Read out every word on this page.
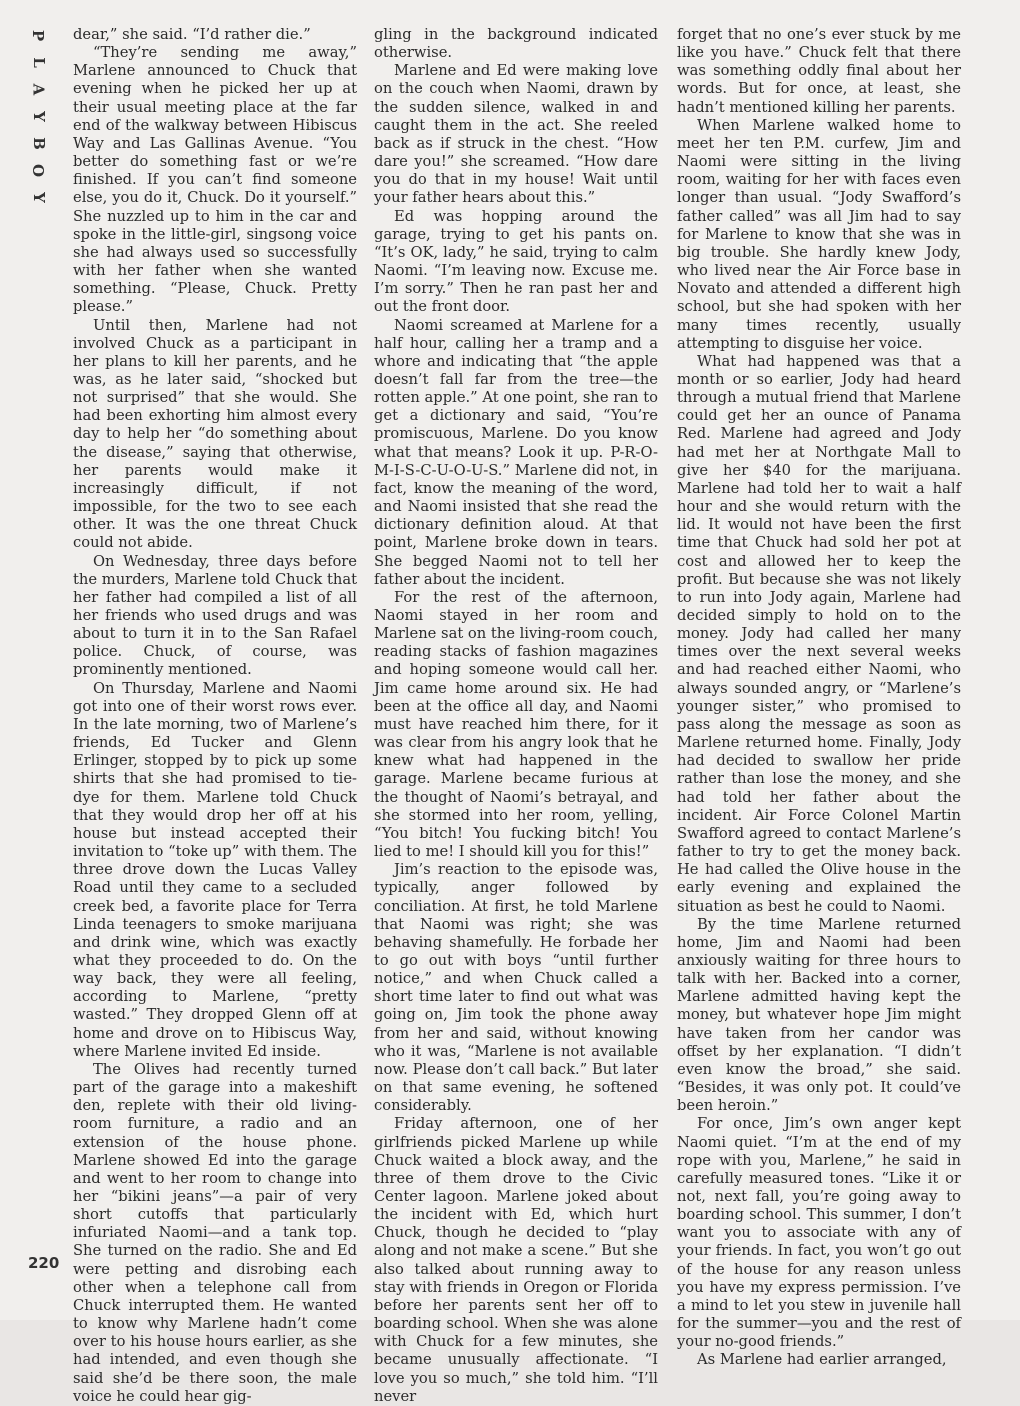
P
L
A
Y
B
O
Y
220

dear,” she said. “I’d rather die.”

“They’re sending me away,” Marlene announced to Chuck that evening when he picked her up at their usual meeting place at the far end of the walkway between Hibiscus Way and Las Gallinas Avenue. “You better do something fast or we’re finished. If you can’t find someone else, you do it, Chuck. Do it yourself.” She nuzzled up to him in the car and spoke in the little-girl, singsong voice she had always used so successfully with her father when she wanted something. “Please, Chuck. Pretty please.”

Until then, Marlene had not involved Chuck as a participant in her plans to kill her parents, and he was, as he later said, “shocked but not surprised” that she would. She had been exhorting him almost every day to help her “do something about the disease,” saying that otherwise, her parents would make it increasingly difficult, if not impossible, for the two to see each other. It was the one threat Chuck could not abide.

On Wednesday, three days before the murders, Marlene told Chuck that her father had compiled a list of all her friends who used drugs and was about to turn it in to the San Rafael police. Chuck, of course, was prominently mentioned.

On Thursday, Marlene and Naomi got into one of their worst rows ever. In the late morning, two of Marlene’s friends, Ed Tucker and Glenn Erlinger, stopped by to pick up some shirts that she had promised to tie-dye for them. Marlene told Chuck that they would drop her off at his house but instead accepted their invitation to “toke up” with them. The three drove down the Lucas Valley Road until they came to a secluded creek bed, a favorite place for Terra Linda teenagers to smoke marijuana and drink wine, which was exactly what they proceeded to do. On the way back, they were all feeling, according to Marlene, “pretty wasted.” They dropped Glenn off at home and drove on to Hibiscus Way, where Marlene invited Ed inside.

The Olives had recently turned part of the garage into a makeshift den, replete with their old living-room furniture, a radio and an extension of the house phone. Marlene showed Ed into the garage and went to her room to change into her “bikini jeans”—a pair of very short cutoffs that particularly infuriated Naomi—and a tank top. She turned on the radio. She and Ed were petting and disrobing each other when a telephone call from Chuck interrupted them. He wanted to know why Marlene hadn’t come over to his house hours earlier, as she had intended, and even though she said she’d be there soon, the male voice he could hear gig-

gling in the background indicated otherwise.

Marlene and Ed were making love on the couch when Naomi, drawn by the sudden silence, walked in and caught them in the act. She reeled back as if struck in the chest. “How dare you!” she screamed. “How dare you do that in my house! Wait until your father hears about this.”

Ed was hopping around the garage, trying to get his pants on. “It’s OK, lady,” he said, trying to calm Naomi. “I’m leaving now. Excuse me. I’m sorry.” Then he ran past her and out the front door.

Naomi screamed at Marlene for a half hour, calling her a tramp and a whore and indicating that “the apple doesn’t fall far from the tree—the rotten apple.” At one point, she ran to get a dictionary and said, “You’re promiscuous, Marlene. Do you know what that means? Look it up. P-R-O-M-I-S-C-U-O-U-S.” Marlene did not, in fact, know the meaning of the word, and Naomi insisted that she read the dictionary definition aloud. At that point, Marlene broke down in tears. She begged Naomi not to tell her father about the incident.

For the rest of the afternoon, Naomi stayed in her room and Marlene sat on the living-room couch, reading stacks of fashion magazines and hoping someone would call her. Jim came home around six. He had been at the office all day, and Naomi must have reached him there, for it was clear from his angry look that he knew what had happened in the garage. Marlene became furious at the thought of Naomi’s betrayal, and she stormed into her room, yelling, “You bitch! You fucking bitch! You lied to me! I should kill you for this!”

Jim’s reaction to the episode was, typically, anger followed by conciliation. At first, he told Marlene that Naomi was right; she was behaving shamefully. He forbade her to go out with boys “until further notice,” and when Chuck called a short time later to find out what was going on, Jim took the phone away from her and said, without knowing who it was, “Marlene is not available now. Please don’t call back.” But later on that same evening, he softened considerably.

Friday afternoon, one of her girlfriends picked Marlene up while Chuck waited a block away, and the three of them drove to the Civic Center lagoon. Marlene joked about the incident with Ed, which hurt Chuck, though he decided to “play along and not make a scene.” But she also talked about running away to stay with friends in Oregon or Florida before her parents sent her off to boarding school. When she was alone with Chuck for a few minutes, she became unusually affectionate. “I love you so much,” she told him. “I’ll never

forget that no one’s ever stuck by me like you have.” Chuck felt that there was something oddly final about her words. But for once, at least, she hadn’t mentioned killing her parents.

When Marlene walked home to meet her ten P.M. curfew, Jim and Naomi were sitting in the living room, waiting for her with faces even longer than usual. “Jody Swafford’s father called” was all Jim had to say for Marlene to know that she was in big trouble. She hardly knew Jody, who lived near the Air Force base in Novato and attended a different high school, but she had spoken with her many times recently, usually attempting to disguise her voice.

What had happened was that a month or so earlier, Jody had heard through a mutual friend that Marlene could get her an ounce of Panama Red. Marlene had agreed and Jody had met her at Northgate Mall to give her $40 for the marijuana. Marlene had told her to wait a half hour and she would return with the lid. It would not have been the first time that Chuck had sold her pot at cost and allowed her to keep the profit. But because she was not likely to run into Jody again, Marlene had decided simply to hold on to the money. Jody had called her many times over the next several weeks and had reached either Naomi, who always sounded angry, or “Marlene’s younger sister,” who promised to pass along the message as soon as Marlene returned home. Finally, Jody had decided to swallow her pride rather than lose the money, and she had told her father about the incident. Air Force Colonel Martin Swafford agreed to contact Marlene’s father to try to get the money back. He had called the Olive house in the early evening and explained the situation as best he could to Naomi.

By the time Marlene returned home, Jim and Naomi had been anxiously waiting for three hours to talk with her. Backed into a corner, Marlene admitted having kept the money, but whatever hope Jim might have taken from her candor was offset by her explanation. “I didn’t even know the broad,” she said. “Besides, it was only pot. It could’ve been heroin.”

For once, Jim’s own anger kept Naomi quiet. “I’m at the end of my rope with you, Marlene,” he said in carefully measured tones. “Like it or not, next fall, you’re going away to boarding school. This summer, I don’t want you to associate with any of your friends. In fact, you won’t go out of the house for any reason unless you have my express permission. I’ve a mind to let you stew in juvenile hall for the summer—you and the rest of your no-good friends.”

As Marlene had earlier arranged,
